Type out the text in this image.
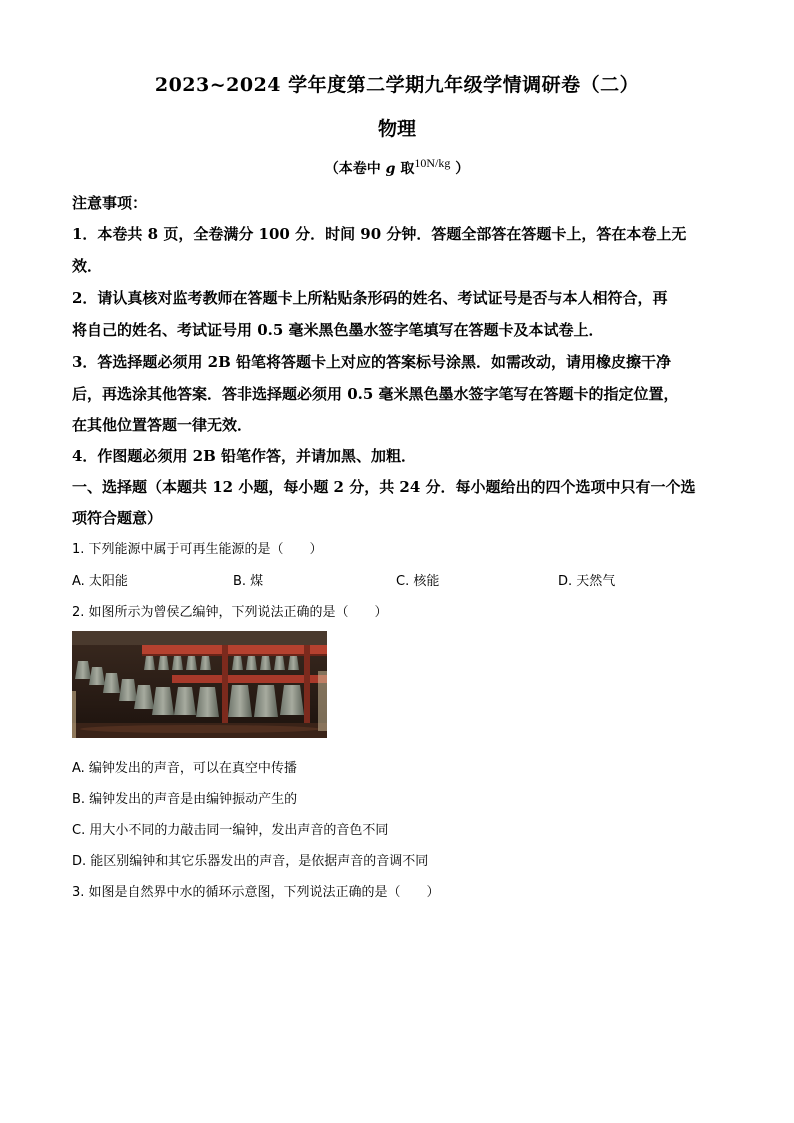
2023~2024 学年度第二学期九年级学情调研卷（二）
物理
（本卷中 g 取$^{10N/kg}$ ）
注意事项：
1．本卷共 8 页，全卷满分 100 分．时间 90 分钟．答题全部答在答题卡上，答在本卷上无
效．
2．请认真核对监考教师在答题卡上所粘贴条形码的姓名、考试证号是否与本人相符合，再
将自己的姓名、考试证号用 0.5 毫米黑色墨水签字笔填写在答题卡及本试卷上．
3．答选择题必须用 2B 铅笔将答题卡上对应的答案标号涂黑．如需改动，请用橡皮擦干净
后，再选涂其他答案．答非选择题必须用 0.5 毫米黑色墨水签字笔写在答题卡的指定位置，
在其他位置答题一律无效．
4．作图题必须用 2B 铅笔作答，并请加黑、加粗．
一、选择题（本题共 12 小题，每小题 2 分，共 24 分．每小题给出的四个选项中只有一个选
项符合题意）
1. 下列能源中属于可再生能源的是（　　）
A. 太阳能	B. 煤	C. 核能	D. 天然气
2. 如图所示为曾侯乙编钟，下列说法正确的是（　　）
A. 编钟发出的声音，可以在真空中传播
B. 编钟发出的声音是由编钟振动产生的
C. 用大小不同的力敲击同一编钟，发出声音的音色不同
D. 能区别编钟和其它乐器发出的声音，是依据声音的音调不同
3. 如图是自然界中水的循环示意图，下列说法正确的是（　　）
